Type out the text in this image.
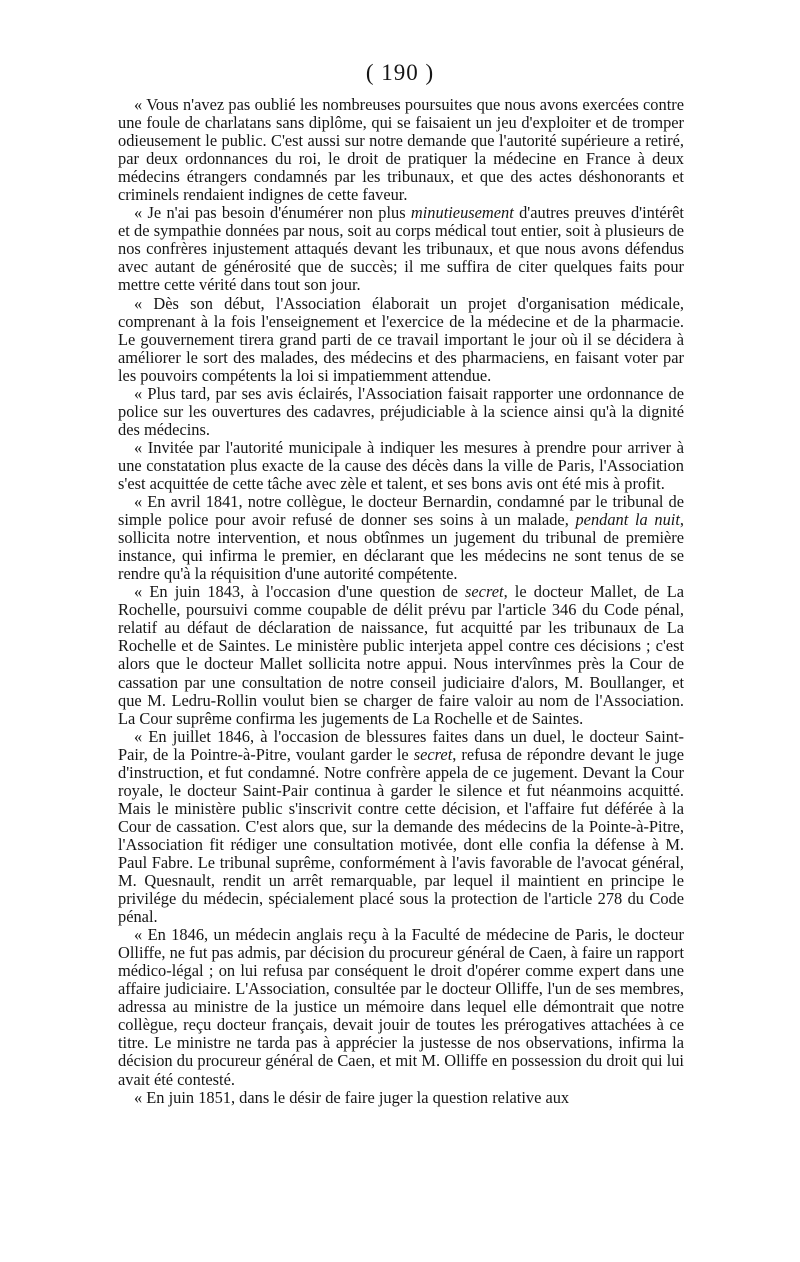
( 190 )

« Vous n'avez pas oublié les nombreuses poursuites que nous avons exercées contre une foule de charlatans sans diplôme, qui se faisaient un jeu d'exploiter et de tromper odieusement le public. C'est aussi sur notre demande que l'autorité supérieure a retiré, par deux ordonnances du roi, le droit de pratiquer la médecine en France à deux médecins étrangers condamnés par les tribunaux, et que des actes déshonorants et criminels rendaient indignes de cette faveur.

« Je n'ai pas besoin d'énumérer non plus minutieusement d'autres preuves d'intérêt et de sympathie données par nous, soit au corps médical tout entier, soit à plusieurs de nos confrères injustement attaqués devant les tribunaux, et que nous avons défendus avec autant de générosité que de succès; il me suffira de citer quelques faits pour mettre cette vérité dans tout son jour.

« Dès son début, l'Association élaborait un projet d'organisation médicale, comprenant à la fois l'enseignement et l'exercice de la médecine et de la pharmacie. Le gouvernement tirera grand parti de ce travail important le jour où il se décidera à améliorer le sort des malades, des médecins et des pharmaciens, en faisant voter par les pouvoirs compétents la loi si impatiemment attendue.

« Plus tard, par ses avis éclairés, l'Association faisait rapporter une ordonnance de police sur les ouvertures des cadavres, préjudiciable à la science ainsi qu'à la dignité des médecins.

« Invitée par l'autorité municipale à indiquer les mesures à prendre pour arriver à une constatation plus exacte de la cause des décès dans la ville de Paris, l'Association s'est acquittée de cette tâche avec zèle et talent, et ses bons avis ont été mis à profit.

« En avril 1841, notre collègue, le docteur Bernardin, condamné par le tribunal de simple police pour avoir refusé de donner ses soins à un malade, pendant la nuit, sollicita notre intervention, et nous obtînmes un jugement du tribunal de première instance, qui infirma le premier, en déclarant que les médecins ne sont tenus de se rendre qu'à la réquisition d'une autorité compétente.

« En juin 1843, à l'occasion d'une question de secret, le docteur Mallet, de La Rochelle, poursuivi comme coupable de délit prévu par l'article 346 du Code pénal, relatif au défaut de déclaration de naissance, fut acquitté par les tribunaux de La Rochelle et de Saintes. Le ministère public interjeta appel contre ces décisions ; c'est alors que le docteur Mallet sollicita notre appui. Nous intervînmes près la Cour de cassation par une consultation de notre conseil judiciaire d'alors, M. Boullanger, et que M. Ledru-Rollin voulut bien se charger de faire valoir au nom de l'Association. La Cour suprême confirma les jugements de La Rochelle et de Saintes.

« En juillet 1846, à l'occasion de blessures faites dans un duel, le docteur Saint-Pair, de la Pointre-à-Pitre, voulant garder le secret, refusa de répondre devant le juge d'instruction, et fut condamné. Notre confrère appela de ce jugement. Devant la Cour royale, le docteur Saint-Pair continua à garder le silence et fut néanmoins acquitté. Mais le ministère public s'inscrivit contre cette décision, et l'affaire fut déférée à la Cour de cassation. C'est alors que, sur la demande des médecins de la Pointe-à-Pitre, l'Association fit rédiger une consultation motivée, dont elle confia la défense à M. Paul Fabre. Le tribunal suprême, conformément à l'avis favorable de l'avocat général, M. Quesnault, rendit un arrêt remarquable, par lequel il maintient en principe le privilége du médecin, spécialement placé sous la protection de l'article 278 du Code pénal.

« En 1846, un médecin anglais reçu à la Faculté de médecine de Paris, le docteur Olliffe, ne fut pas admis, par décision du procureur général de Caen, à faire un rapport médico-légal ; on lui refusa par conséquent le droit d'opérer comme expert dans une affaire judiciaire. L'Association, consultée par le docteur Olliffe, l'un de ses membres, adressa au ministre de la justice un mémoire dans lequel elle démontrait que notre collègue, reçu docteur français, devait jouir de toutes les prérogatives attachées à ce titre. Le ministre ne tarda pas à apprécier la justesse de nos observations, infirma la décision du procureur général de Caen, et mit M. Olliffe en possession du droit qui lui avait été contesté.

« En juin 1851, dans le désir de faire juger la question relative aux
